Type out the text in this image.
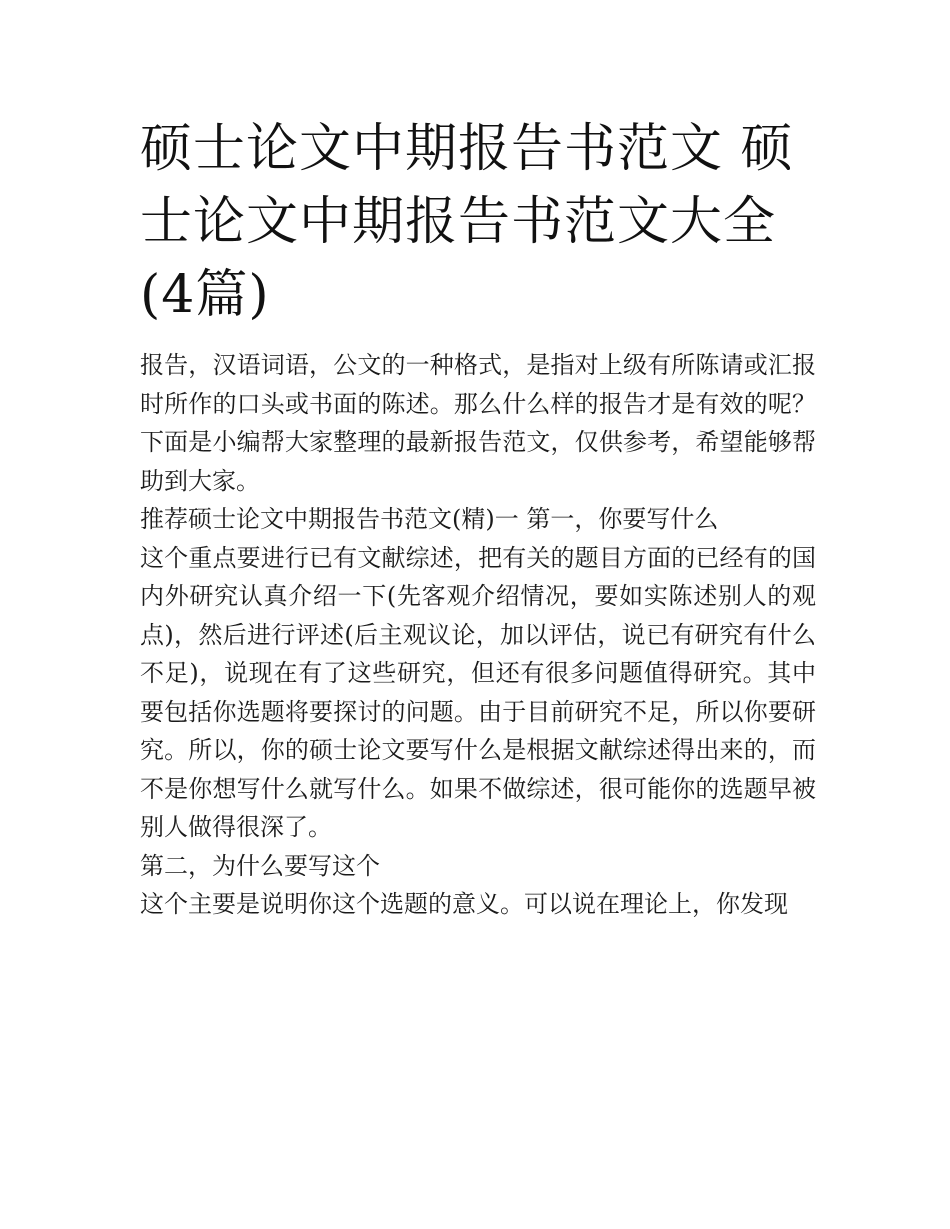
硕士论文中期报告书范文 硕士论文中期报告书范文大全(4篇)

报告，汉语词语，公文的一种格式，是指对上级有所陈请或汇报时所作的口头或书面的陈述。那么什么样的报告才是有效的呢？下面是小编帮大家整理的最新报告范文，仅供参考，希望能够帮助到大家。

推荐硕士论文中期报告书范文(精)一 第一，你要写什么

这个重点要进行已有文献综述，把有关的题目方面的已经有的国内外研究认真介绍一下(先客观介绍情况，要如实陈述别人的观点)，然后进行评述(后主观议论，加以评估，说已有研究有什么不足)，说现在有了这些研究，但还有很多问题值得研究。其中要包括你选题将要探讨的问题。由于目前研究不足，所以你要研究。所以，你的硕士论文要写什么是根据文献综述得出来的，而不是你想写什么就写什么。如果不做综述，很可能你的选题早被别人做得很深了。

第二，为什么要写这个

这个主要是说明你这个选题的意义。可以说在理论上，你发现
